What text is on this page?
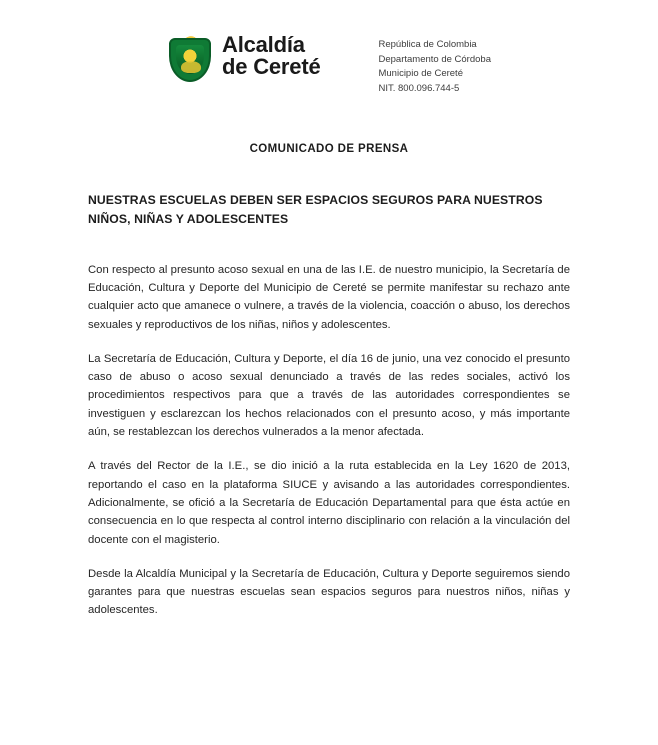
Alcaldía
de Cereté
República de Colombia
Departamento de Córdoba
Municipio de Cereté
NIT. 800.096.744-5
COMUNICADO DE PRENSA
NUESTRAS ESCUELAS DEBEN SER ESPACIOS SEGUROS PARA NUESTROS NIÑOS, NIÑAS Y ADOLESCENTES

Con respecto al presunto acoso sexual en una de las I.E. de nuestro municipio, la Secretaría de Educación, Cultura y Deporte del Municipio de Cereté se permite manifestar su rechazo ante cualquier acto que amanece o vulnere, a través de la violencia, coacción o abuso, los derechos sexuales y reproductivos de los niñas, niños y adolescentes.

La Secretaría de Educación, Cultura y Deporte, el día 16 de junio, una vez conocido el presunto caso de abuso o acoso sexual denunciado a través de las redes sociales, activó los procedimientos respectivos para que a través de las autoridades correspondientes se investiguen y esclarezcan los hechos relacionados con el presunto acoso, y más importante aún, se restablezcan los derechos vulnerados a la menor afectada.

A través del Rector de la I.E., se dio inició a la ruta establecida en la Ley 1620 de 2013, reportando el caso en la plataforma SIUCE y avisando a las autoridades correspondientes. Adicionalmente, se ofició a la Secretaría de Educación Departamental para que ésta actúe en consecuencia en lo que respecta al control interno disciplinario con relación a la vinculación del docente con el magisterio.

Desde la Alcaldía Municipal y la Secretaría de Educación, Cultura y Deporte seguiremos siendo garantes para que nuestras escuelas sean espacios seguros para nuestros niños, niñas y adolescentes.
